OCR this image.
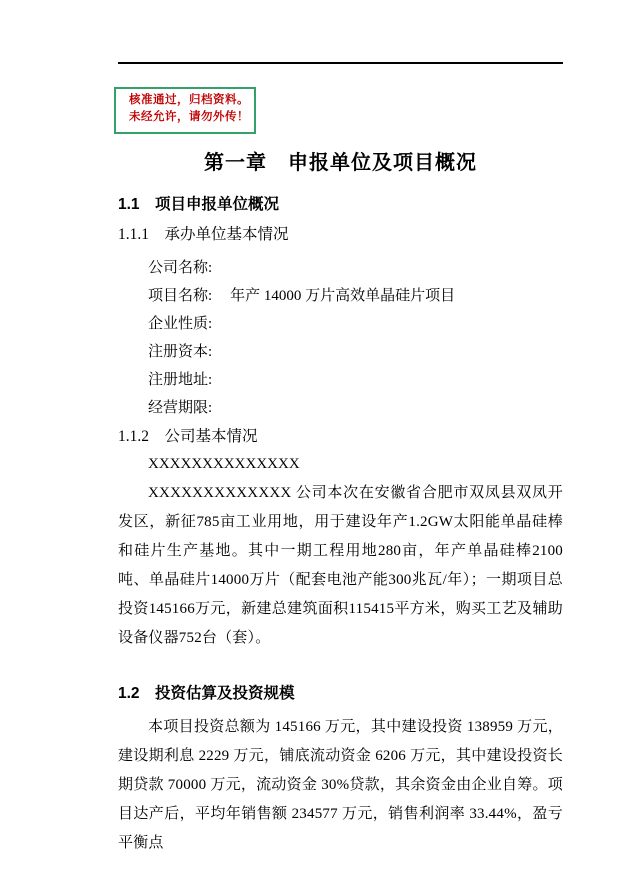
核准通过，归档资料。
未经允许，请勿外传！
第一章　申报单位及项目概况
1.1　项目申报单位概况
1.1.1　承办单位基本情况
公司名称:
项目名称: 年产 14000 万片高效单晶硅片项目
企业性质:
注册资本:
注册地址:
经营期限:
1.1.2　公司基本情况

XXXXXXXXXXXXXX

XXXXXXXXXXXXX 公司本次在安徽省合肥市双凤县双凤开发区，新征785亩工业用地，用于建设年产1.2GW太阳能单晶硅棒和硅片生产基地。其中一期工程用地280亩，年产单晶硅棒2100吨、单晶硅片14000万片（配套电池产能300兆瓦/年）；一期项目总投资145166万元，新建总建筑面积115415平方米，购买工艺及辅助设备仪器752台（套）。

1.2　投资估算及投资规模

本项目投资总额为 145166 万元，其中建设投资 138959 万元，建设期利息 2229 万元，铺底流动资金 6206 万元，其中建设投资长期贷款 70000 万元，流动资金 30%贷款，其余资金由企业自筹。项目达产后，平均年销售额 234577 万元，销售利润率 33.44%，盈亏平衡点
